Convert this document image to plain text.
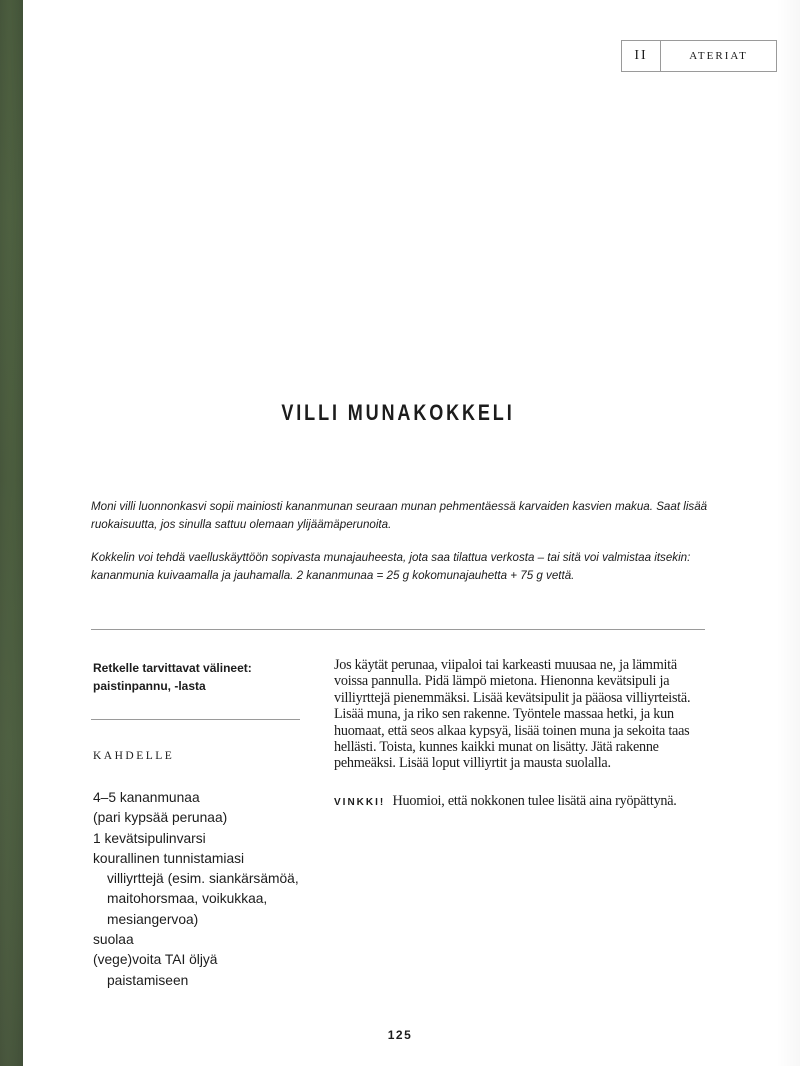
II	ATERIAT
VILLI MUNAKOKKELI

Moni villi luonnonkasvi sopii mainiosti kananmunan seuraan munan pehmentäessä karvaiden kasvien makua. Saat lisää ruokaisuutta, jos sinulla sattuu olemaan ylijäämäperunoita.

Kokkelin voi tehdä vaelluskäyttöön sopivasta munajauheesta, jota saa tilattua verkosta – tai sitä voi valmistaa itsekin: kananmunia kuivaamalla ja jauhamalla. 2 kananmunaa = 25 g kokomunajauhetta + 75 g vettä.

Retkelle tarvittavat välineet:
paistinpannu, -lasta
KAHDELLE
4–5 kananmunaa
(pari kypsää perunaa)
1 kevätsipulinvarsi
kourallinen tunnistamiasi
villiyrttejä (esim. siankärsämöä, maitohorsmaa, voikukkaa, mesiangervoa)
suolaa
(vege)voita TAI öljyä
paistamiseen

Jos käytät perunaa, viipaloi tai karkeasti muusaa ne, ja lämmitä voissa pannulla. Pidä lämpö mietona. Hienonna kevätsipuli ja villiyrttejä pienemmäksi. Lisää kevätsipulit ja pääosa villiyrteistä. Lisää muna, ja riko sen rakenne. Työntele massaa hetki, ja kun huomaat, että seos alkaa kypsyä, lisää toinen muna ja sekoita taas hellästi. Toista, kunnes kaikki munat on lisätty. Jätä rakenne pehmeäksi. Lisää loput villiyrtit ja mausta suolalla.

VINKKI! Huomioi, että nokkonen tulee lisätä aina ryöpättynä.

125
